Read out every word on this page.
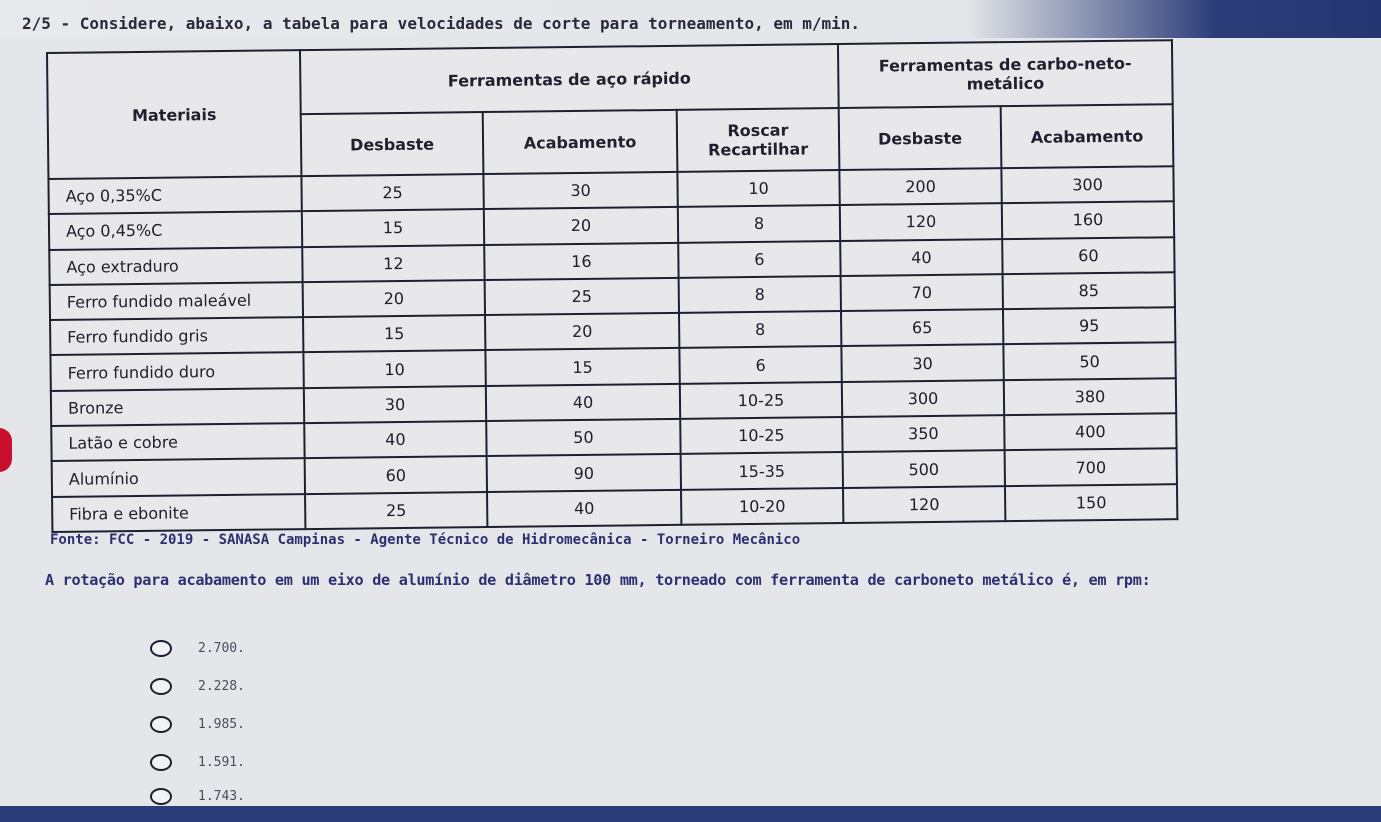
2/5 - Considere, abaixo, a tabela para velocidades de corte para torneamento, em m/min.
Materiais	Ferramentas de aço rápido			Ferramentas de carbo-neto-metálico	
	Desbaste	Acabamento	Roscar Recartilhar	Desbaste	Acabamento
Aço 0,35%C	25	30	10	200	300
Aço 0,45%C	15	20	8	120	160
Aço extraduro	12	16	6	40	60
Ferro fundido maleável	20	25	8	70	85
Ferro fundido gris	15	20	8	65	95
Ferro fundido duro	10	15	6	30	50
Bronze	30	40	10-25	300	380
Latão e cobre	40	50	10-25	350	400
Alumínio	60	90	15-35	500	700
Fibra e ebonite	25	40	10-20	120	150

Fonte: FCC - 2019 - SANASA Campinas - Agente Técnico de Hidromecânica - Torneiro Mecânico

A rotação para acabamento em um eixo de alumínio de diâmetro 100 mm, torneado com ferramenta de carboneto metálico é, em rpm:

2.700.
2.228.
1.985.
1.591.
1.743.
